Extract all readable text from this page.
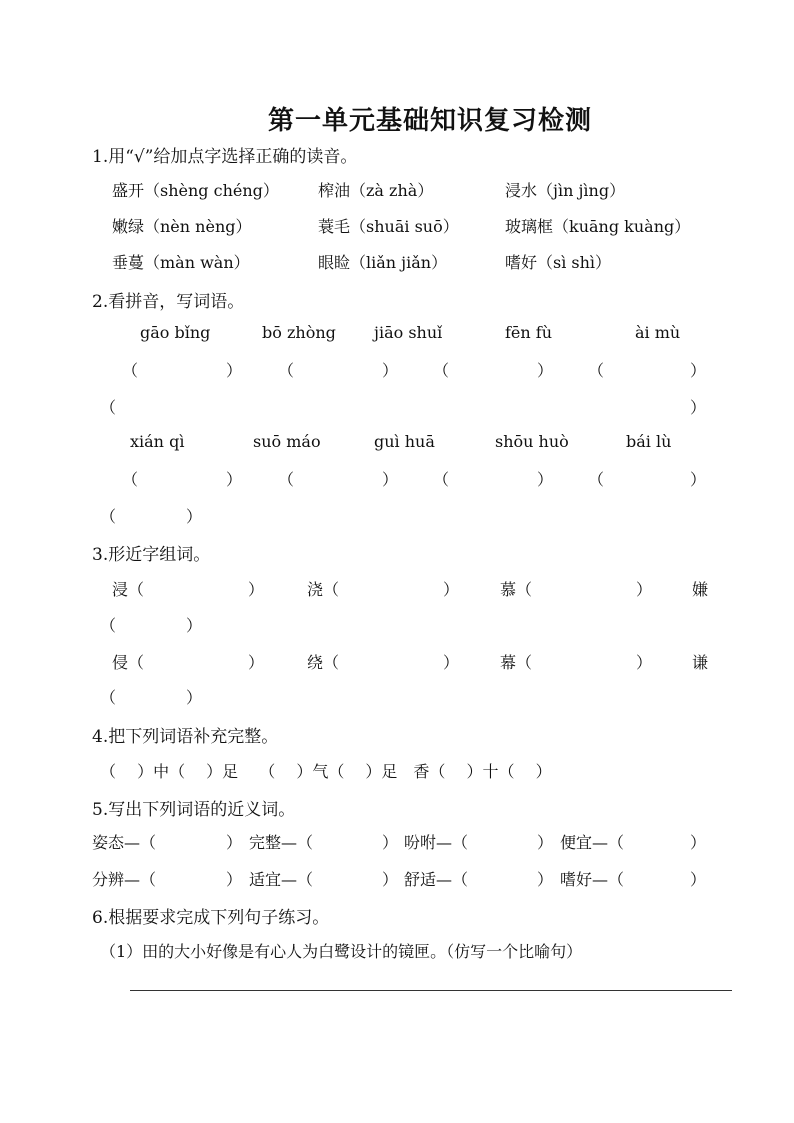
第一单元基础知识复习检测
1.用“√”给加点字选择正确的读音。
盛开（shèng chéng） 榨油（zà zhà）	浸水（jìn jìng）
嫩绿（nèn nèng）	蓑毛（shuāi suō）	玻璃框（kuāng kuàng）
垂蔓（màn wàn）	眼睑（liǎn jiǎn）	嗜好（sì shì）
2.看拼音，写词语。
gāo bǐng	bō zhòng jiāo shuǐ	fēn fù	ài mù
（	） （	） （	） （	）
（	）
xián qì	suō máo	guì huā	shōu huò	bái lù
（	） （	） （	） （	）
（	）
3.形近字组词。
浸（	）	浇（	）	慕（	） 嫌
（	）
侵（	）	绕（	）	幕（	） 谦
（	）
4.把下列词语补充完整。
（　 ）中（　 ）足　 （　 ）气（　 ）足　香（　 ）十（　 ）
5.写出下列词语的近义词。
姿态—（	） 完整—（	） 吩咐—（	） 便宜—（	）
分辨—（	） 适宜—（	） 舒适—（	） 嗜好—（	）
6.根据要求完成下列句子练习。
（1）田的大小好像是有心人为白鹭设计的镜匣。（仿写一个比喻句）
